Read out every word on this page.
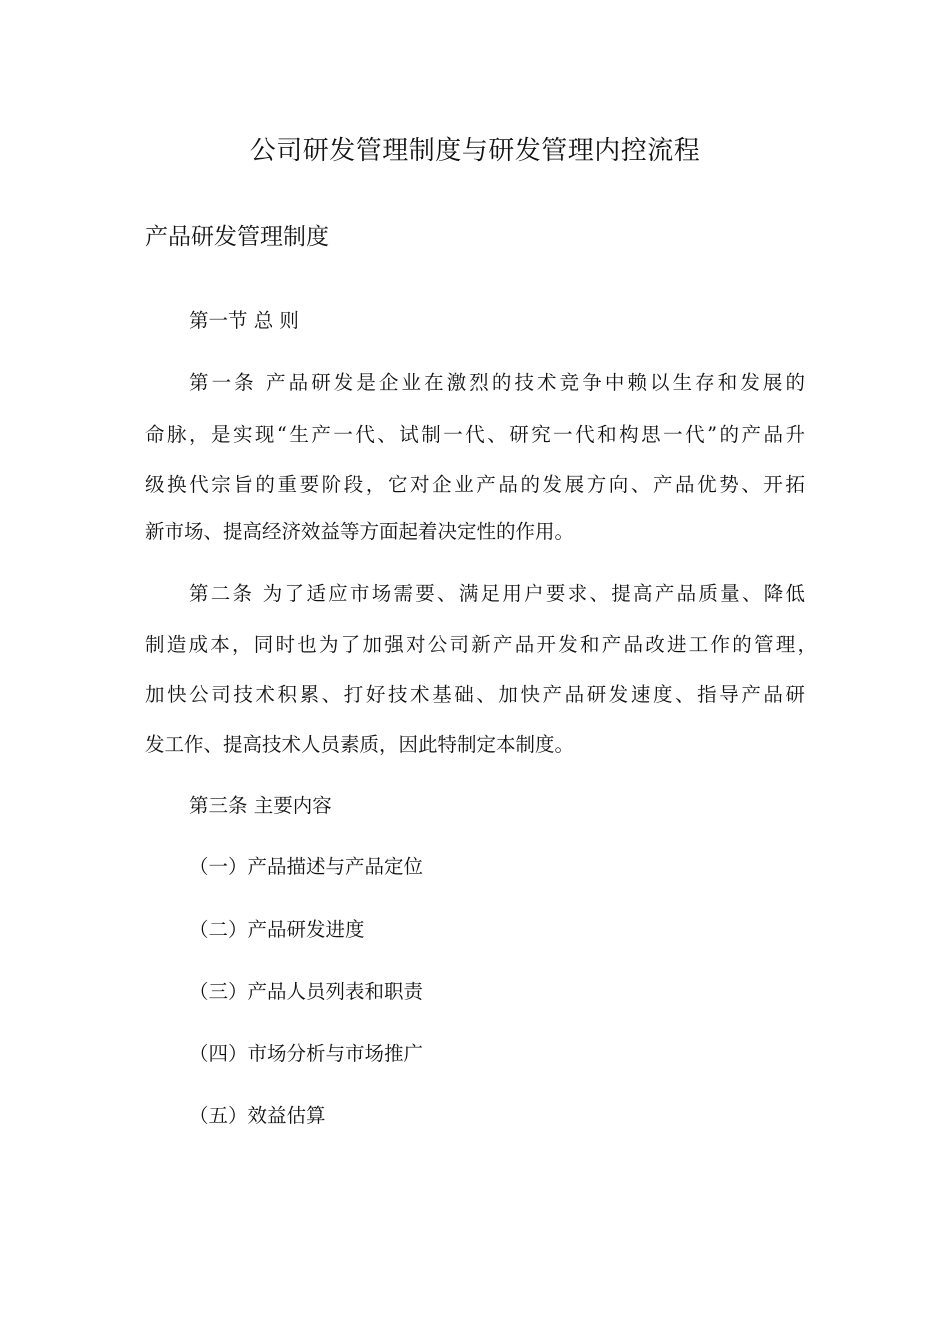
公司研发管理制度与研发管理内控流程
产品研发管理制度

第一节 总 则

第一条 产品研发是企业在激烈的技术竞争中赖以生存和发展的

命脉，是实现“生产一代、试制一代、研究一代和构思一代”的产品升

级换代宗旨的重要阶段，它对企业产品的发展方向、产品优势、开拓

新市场、提高经济效益等方面起着决定性的作用。

第二条 为了适应市场需要、满足用户要求、提高产品质量、降低

制造成本，同时也为了加强对公司新产品开发和产品改进工作的管理，

加快公司技术积累、打好技术基础、加快产品研发速度、指导产品研

发工作、提高技术人员素质，因此特制定本制度。

第三条 主要内容

（一）产品描述与产品定位

（二）产品研发进度

（三）产品人员列表和职责

（四）市场分析与市场推广

（五）效益估算
